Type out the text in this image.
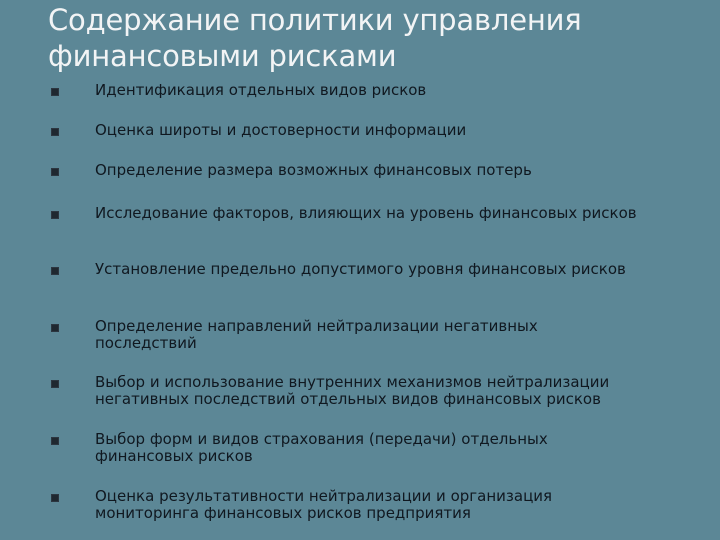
Содержание политики управления финансовыми рисками
Идентификация отдельных видов рисков
Оценка широты и достоверности информации
Определение размера возможных финансовых потерь
Исследование факторов, влияющих на уровень финансовых рисков
Установление предельно допустимого уровня финансовых рисков
Определение направлений нейтрализации негативных последствий
Выбор и использование внутренних механизмов нейтрализации негативных последствий отдельных видов финансовых рисков
Выбор форм и видов страхования (передачи) отдельных финансовых рисков
Оценка результативности нейтрализации и организация мониторинга финансовых рисков предприятия
